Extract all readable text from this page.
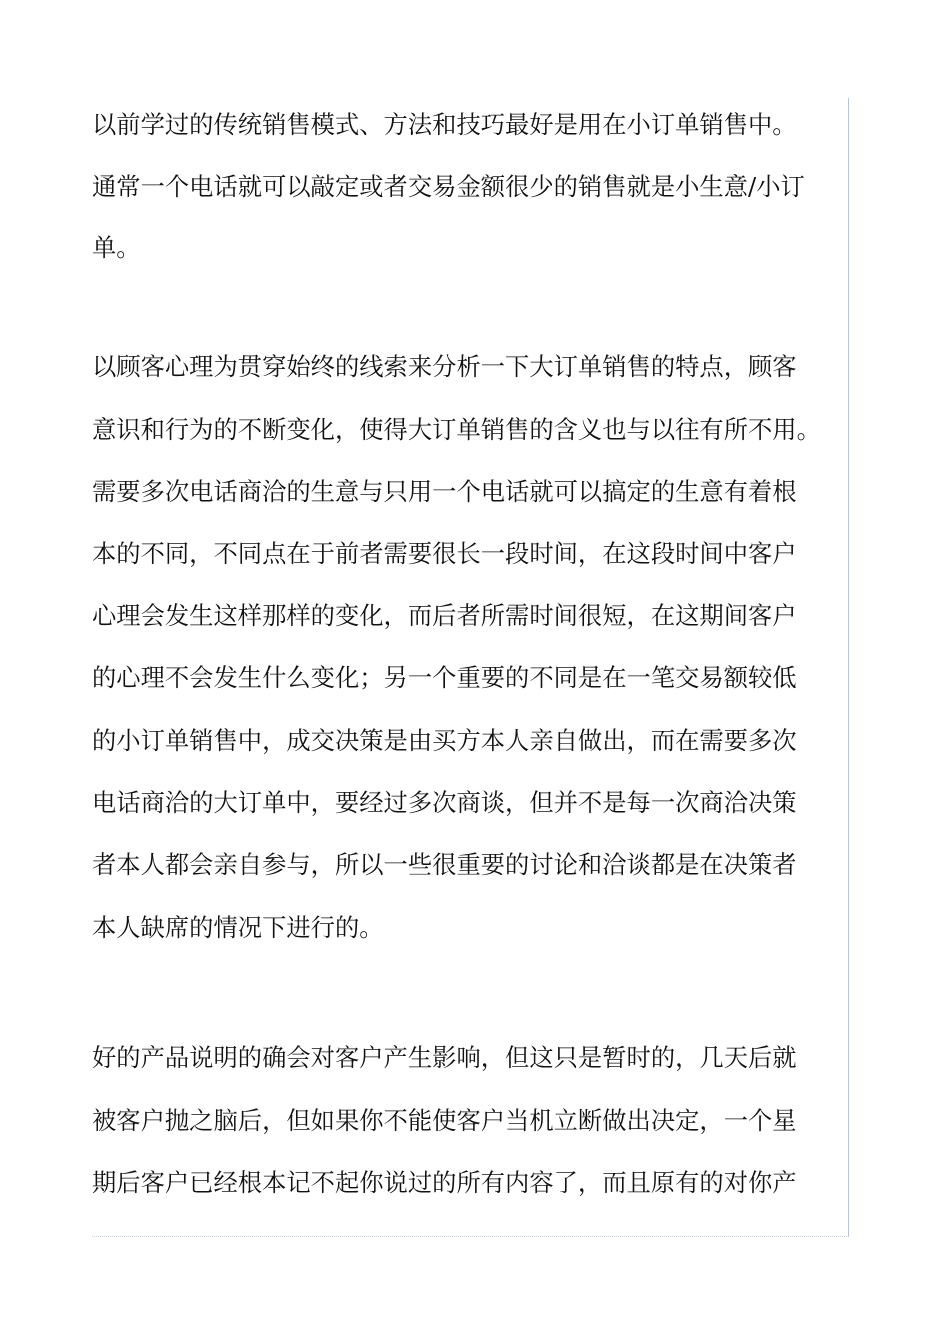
以前学过的传统销售模式、方法和技巧最好是用在小订单销售中。
通常一个电话就可以敲定或者交易金额很少的销售就是小生意/小订
单。
以顾客心理为贯穿始终的线索来分析一下大订单销售的特点，顾客
意识和行为的不断变化，使得大订单销售的含义也与以往有所不用。
需要多次电话商洽的生意与只用一个电话就可以搞定的生意有着根
本的不同，不同点在于前者需要很长一段时间，在这段时间中客户
心理会发生这样那样的变化，而后者所需时间很短，在这期间客户
的心理不会发生什么变化；另一个重要的不同是在一笔交易额较低
的小订单销售中，成交决策是由买方本人亲自做出，而在需要多次
电话商洽的大订单中，要经过多次商谈，但并不是每一次商洽决策
者本人都会亲自参与，所以一些很重要的讨论和洽谈都是在决策者
本人缺席的情况下进行的。
好的产品说明的确会对客户产生影响，但这只是暂时的，几天后就
被客户抛之脑后，但如果你不能使客户当机立断做出决定，一个星
期后客户已经根本记不起你说过的所有内容了，而且原有的对你产
